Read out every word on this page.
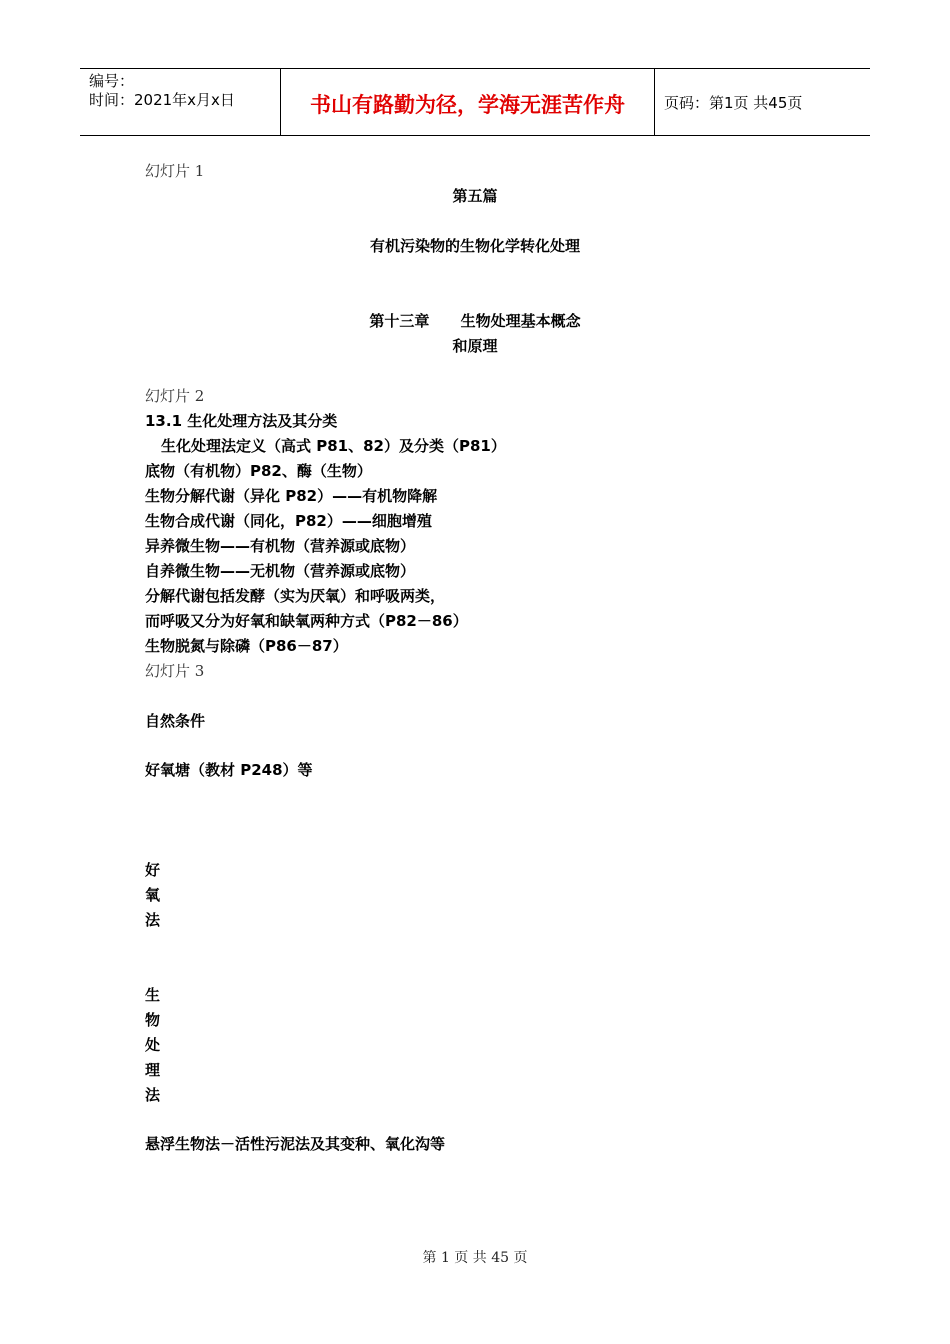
编号：
时间：2021年x月x日	书山有路勤为径，学海无涯苦作舟	页码：第1页 共45页
幻灯片 1
第五篇
有机污染物的生物化学转化处理
第十三章      生物处理基本概念
和原理
幻灯片 2
13.1 生化处理方法及其分类
生化处理法定义（高式 P81、82）及分类（P81）
底物（有机物）P82、酶（生物）
生物分解代谢（异化 P82）——有机物降解
生物合成代谢（同化，P82）——细胞增殖
异养微生物——有机物（营养源或底物）
自养微生物——无机物（营养源或底物）
分解代谢包括发酵（实为厌氧）和呼吸两类，
而呼吸又分为好氧和缺氧两种方式（P82－86）
生物脱氮与除磷（P86－87）
幻灯片 3
自然条件
好氧塘（教材 P248）等
好
氧
法
生
物
处
理
法
悬浮生物法－活性污泥法及其变种、氧化沟等
第 1 页 共 45 页
